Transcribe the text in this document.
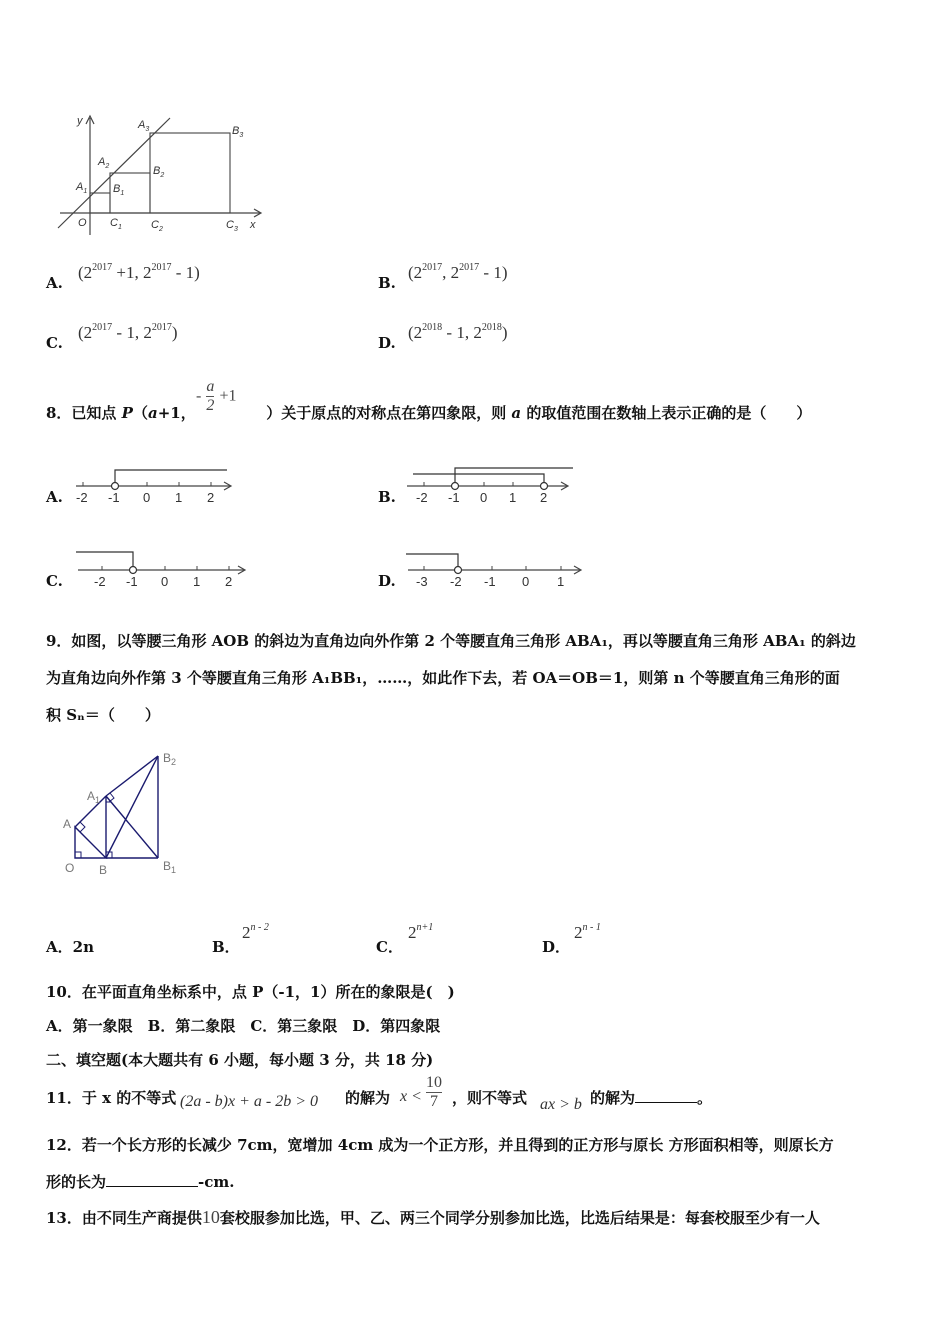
y
x
O
$A_1$
$A_2$
$A_3$
$B_1$
$B_2$
$B_3$
$C_1$	$C_2$	$C_3$
A.
($2^{2017} +1$, $2^{2017} - 1$)
B.
($2^{2017}$, $2^{2017} - 1$)
C.
($2^{2017} - 1$, $2^{2017}$)
D.
($2^{2018} - 1$, $2^{2018}$)
8．已知点 P（a+1，	）关于原点的对称点在第四象限，则 a 的取值范围在数轴上表示正确的是（　　）
- $\frac{a}{2} +1$
A. -2 -1 0 1 2	B. -2 -1 0 1 2
C. -2 -1 0 1 2	D. -3 -2 -1 0 1
9．如图，以等腰三角形 AOB 的斜边为直角边向外作第 2 个等腰直角三角形 ABA₁，再以等腰直角三角形 ABA₁ 的斜边
为直角边向外作第 3 个等腰直角三角形 A₁BB₁，……，如此作下去，若 OA＝OB＝1，则第 n 个等腰直角三角形的面
积 Sₙ＝（　　）
O B
A
$A_1$
$B_1$
$B_2$
A．2n	B．
2$^{n - 2}$
C．
$2^{n+1}$
D．
2$^{n - 1}$
10．在平面直角坐标系中，点 P（-1，1）所在的象限是(　)
A．第一象限　B．第二象限　C．第三象限　D．第四象限
二、填空题(本大题共有 6 小题，每小题 3 分，共 18 分)
11．于 x 的不等式 (2a - b)x + a - 2b > 0 的解为 $x < \frac{10}{7}$ ，则不等式 ax > b 的解为	。
12．若一个长方形的长减少 7cm，宽增加 4cm 成为一个正方形，并且得到的正方形与原长 方形面积相等，则原长方
形的长为	-cm.
13．由不同生产商提供10套校服参加比选，甲、乙、两三个同学分别参加比选，比选后结果是：每套校服至少有一人
